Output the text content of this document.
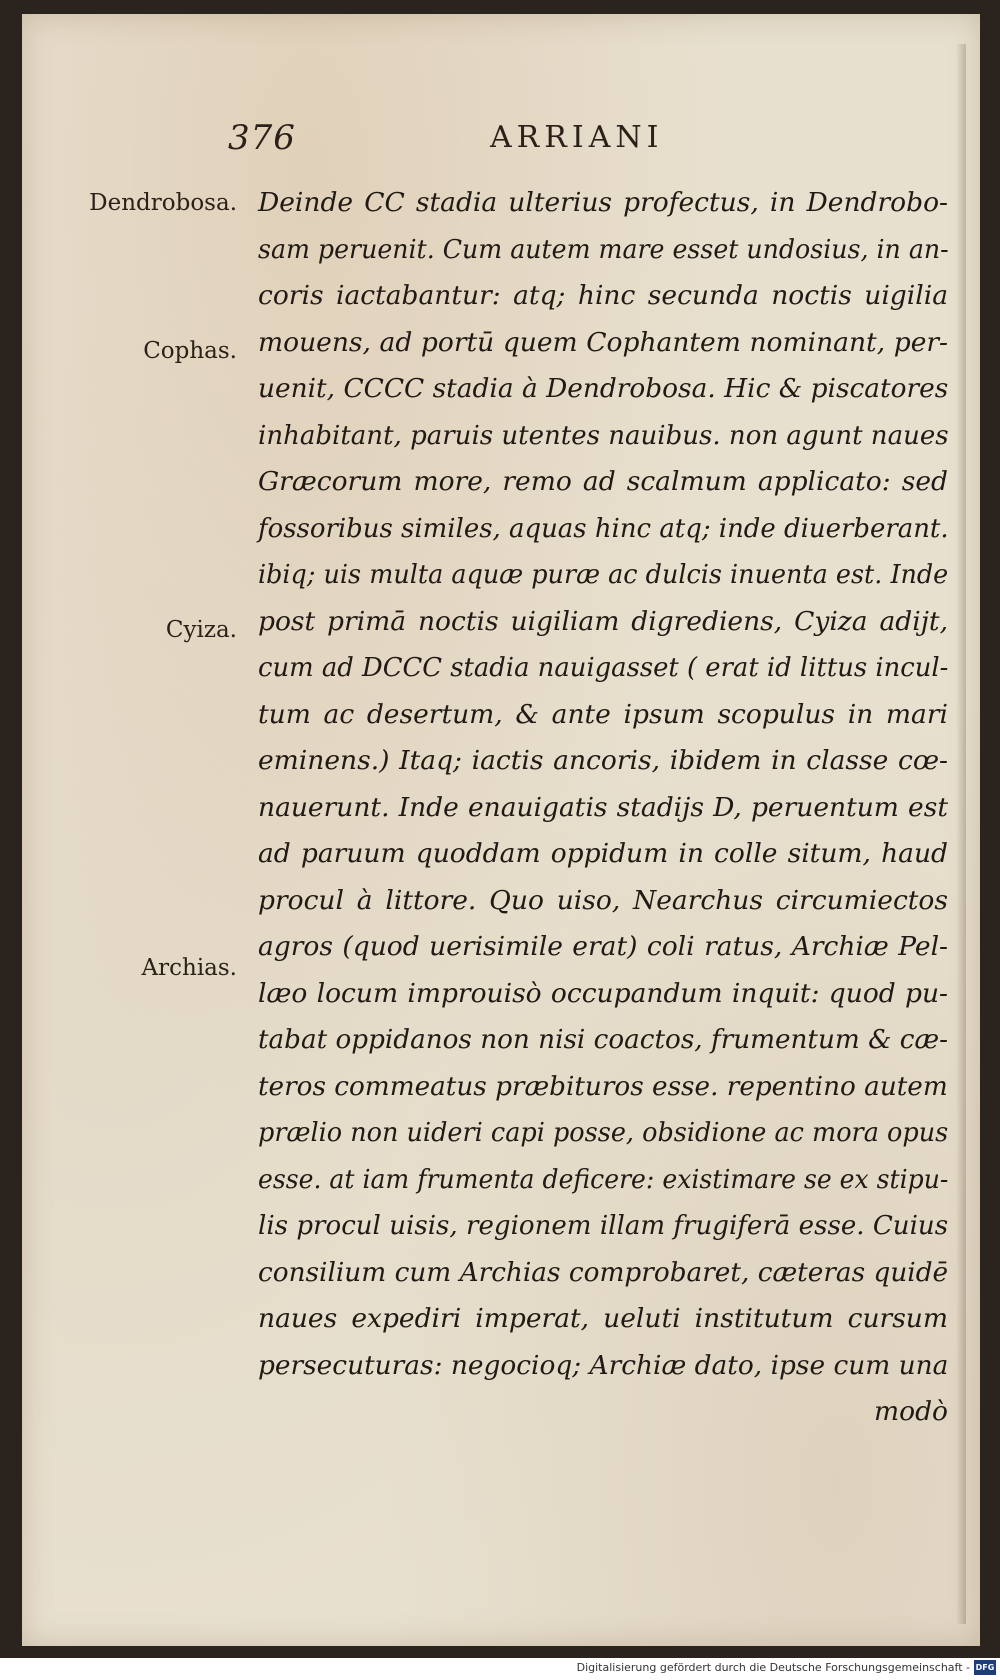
376	ARRIANI
Dendrobosa.
Cophas.
Cyiza.
Archias.
Deinde CC stadia ulterius profectus, in Dendrobo-
sam peruenit. Cum autem mare esset undosius, in an-
coris iactabantur: atq; hinc secunda noctis uigilia
mouens, ad portū quem Cophantem nominant, per-
uenit, CCCC stadia à Dendrobosa. Hic & piscatores
inhabitant, paruis utentes nauibus. non agunt naues
Græcorum more, remo ad scalmum applicato: sed
fossoribus similes, aquas hinc atq; inde diuerberant.
ibiq; uis multa aquæ puræ ac dulcis inuenta est. Inde
post primā noctis uigiliam digrediens, Cyiza adijt,
cum ad DCCC stadia nauigasset ( erat id littus incul-
tum ac desertum, & ante ipsum scopulus in mari
eminens.) Itaq; iactis ancoris, ibidem in classe cœ-
nauerunt. Inde enauigatis stadijs D, peruentum est
ad paruum quoddam oppidum in colle situm, haud
procul à littore. Quo uiso, Nearchus circumiectos
agros (quod uerisimile erat) coli ratus, Archiæ Pel-
læo locum improuisò occupandum inquit: quod pu-
tabat oppidanos non nisi coactos, frumentum & cæ-
teros commeatus præbituros esse. repentino autem
prælio non uideri capi posse, obsidione ac mora opus
esse. at iam frumenta deficere: existimare se ex stipu-
lis procul uisis, regionem illam frugiferā esse. Cuius
consilium cum Archias comprobaret, cæteras quidē
naues expediri imperat, ueluti institutum cursum
persecuturas: negocioq; Archiæ dato, ipse cum una
modò
Digitalisierung gefördert durch die Deutsche Forschungsgemeinschaft - DFG
